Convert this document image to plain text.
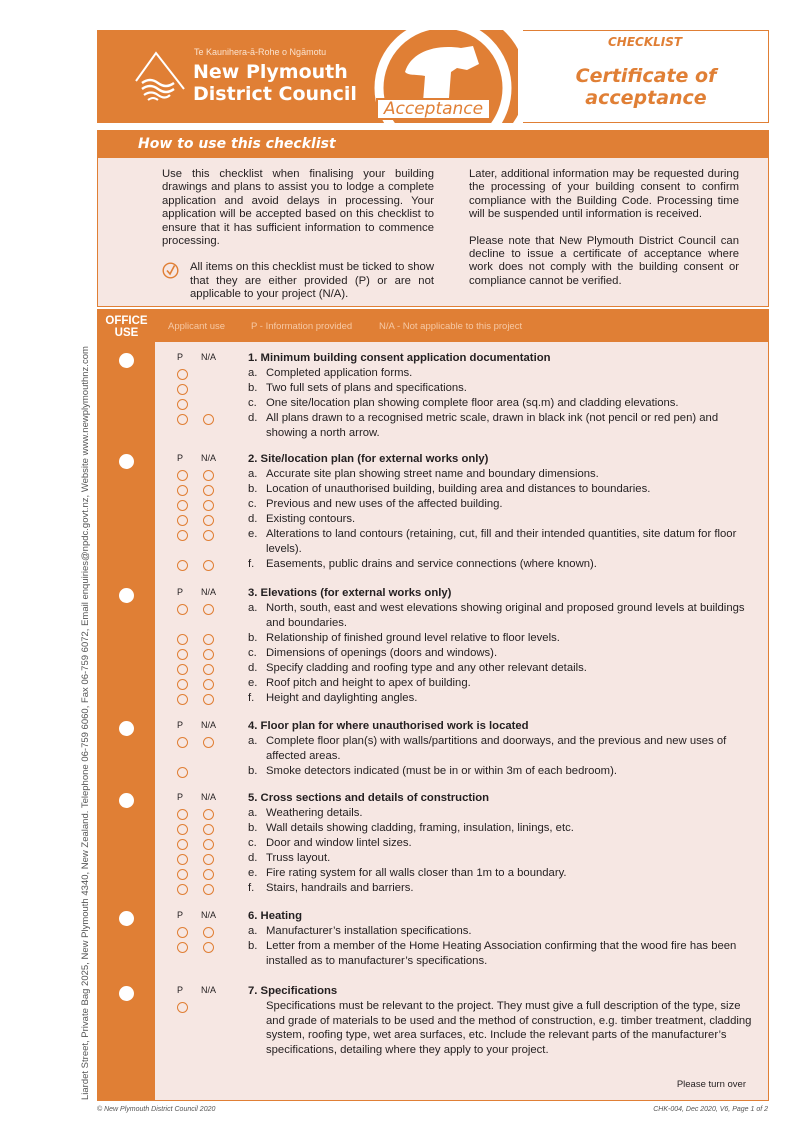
Te Kaunihera-ā-Rohe o Ngāmotu
New Plymouth
District Council
Acceptance
CHECKLIST
Certificate of acceptance
How to use this checklist

Use this checklist when finalising your building drawings and plans to assist you to lodge a complete application and avoid delays in processing. Your application will be accepted based on this checklist to ensure that it has sufficient information to commence processing.

All items on this checklist must be ticked to show that they are either provided (P) or are not applicable to your project (N/A).

Later, additional information may be requested during the processing of your building consent to confirm compliance with the Building Code. Processing time will be suspended until information is received.

Please note that New Plymouth District Council can decline to issue a certificate of acceptance where work does not comply with the building consent or compliance cannot be verified.

OFFICE USE
Applicant use	P - Information provided	N/A - Not applicable to this project
P N/A	1. Minimum building consent application documentation
a. Completed application forms.
b. Two full sets of plans and specifications.
c. One site/location plan showing complete floor area (sq.m) and cladding elevations.
d. All plans drawn to a recognised metric scale, drawn in black ink (not pencil or red pen) and showing a north arrow.
P N/A	2. Site/location plan (for external works only)
a. Accurate site plan showing street name and boundary dimensions.
b. Location of unauthorised building, building area and distances to boundaries.
c. Previous and new uses of the affected building.
d. Existing contours.
e. Alterations to land contours (retaining, cut, fill and their intended quantities, site datum for floor levels).
f.	Easements, public drains and service connections (where known).
P N/A	3. Elevations (for external works only)
a. North, south, east and west elevations showing original and proposed ground levels at buildings and boundaries.
b. Relationship of finished ground level relative to floor levels.
c. Dimensions of openings (doors and windows).
d. Specify cladding and roofing type and any other relevant details.
e. Roof pitch and height to apex of building.
f.	Height and daylighting angles.
P N/A	4. Floor plan for where unauthorised work is located
a. Complete floor plan(s) with walls/partitions and doorways, and the previous and new uses of affected areas.
b. Smoke detectors indicated (must be in or within 3m of each bedroom).
P N/A	5. Cross sections and details of construction
a. Weathering details.
b. Wall details showing cladding, framing, insulation, linings, etc.
c. Door and window lintel sizes.
d. Truss layout.
e. Fire rating system for all walls closer than 1m to a boundary.
f.	Stairs, handrails and barriers.
P N/A	6. Heating
a. Manufacturer’s installation specifications.
b. Letter from a member of the Home Heating Association confirming that the wood fire has been installed as to manufacturer’s specifications.
P N/A	7. Specifications
Specifications must be relevant to the project. They must give a full description of the type, size and grade of materials to be used and the method of construction, e.g. timber treatment, cladding system, roofing type, wet area surfaces, etc. Include the relevant parts of the manufacturer’s specifications, detailing where they apply to your project.
Please turn over
Liardet Street, Private Bag 2025, New Plymouth 4340, New Zealand. Telephone 06-759 6060, Fax 06-759 6072, Email enquiries@npdc.govt.nz, Website www.newplymouthnz.com
© New Plymouth District Council 2020	CHK-004, Dec 2020, V6, Page 1 of 2
